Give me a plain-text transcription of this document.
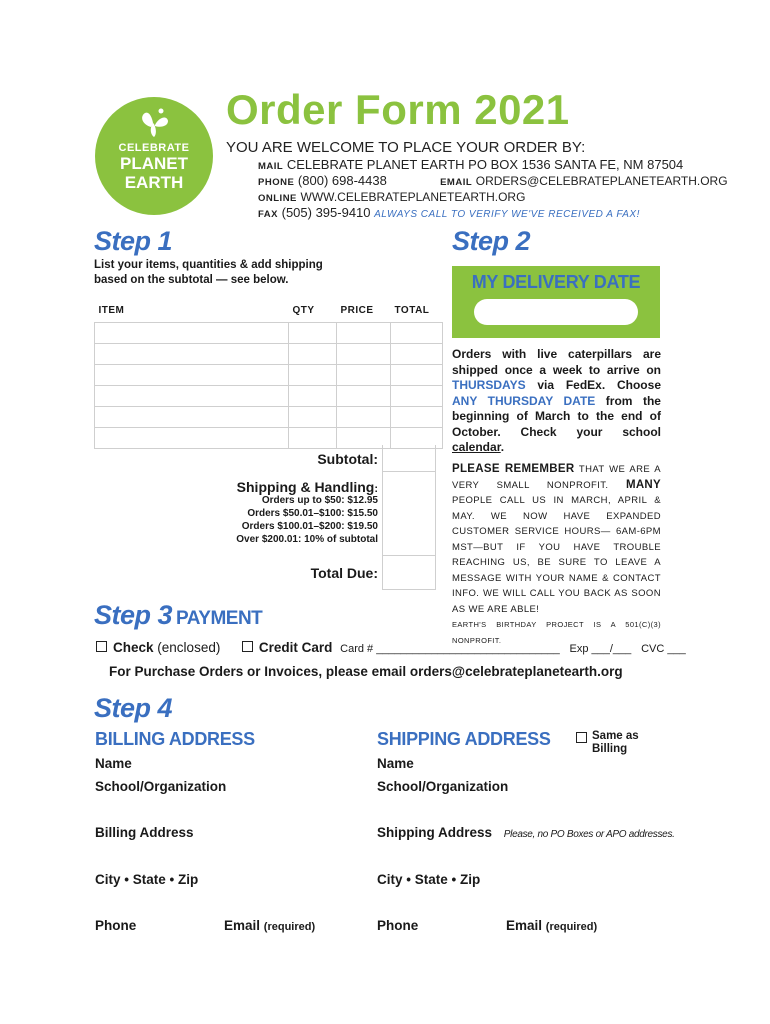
CELEBRATE
PLANET
EARTH
Order Form 2021
YOU ARE WELCOME TO PLACE YOUR ORDER BY:
MAIL CELEBRATE PLANET EARTH PO BOX 1536 SANTA FE, NM 87504
PHONE (800) 698-4438	EMAIL ORDERS@CELEBRATEPLANETEARTH.ORG
ONLINE WWW.CELEBRATEPLANETEARTH.ORG
FAX (505) 395-9410 ALWAYS CALL TO VERIFY WE'VE RECEIVED A FAX!
Step 1
List your items, quantities & add shipping based on the subtotal — see below.
ITEM	QTY	PRICE	TOTAL

Subtotal:
Shipping & Handling:
Orders up to $50: $12.95
Orders $50.01–$100: $15.50
Orders $100.01–$200: $19.50
Over $200.01: 10% of subtotal
Total Due:
Step 2
MY DELIVERY DATE
Orders with live caterpillars are shipped once a week to arrive on THURSDAYS via FedEx. Choose ANY THURSDAY DATE from the beginning of March to the end of October. Check your school calendar.
PLEASE REMEMBER THAT WE ARE A VERY SMALL NONPROFIT. MANY PEOPLE CALL US IN MARCH, APRIL & MAY. WE NOW HAVE EXPANDED CUSTOMER SERVICE HOURS— 6AM-6PM MST—BUT IF YOU HAVE TROUBLE REACHING US, BE SURE TO LEAVE A MESSAGE WITH YOUR NAME & CONTACT INFO. WE WILL CALL YOU BACK AS SOON AS WE ARE ABLE!
EARTH'S BIRTHDAY PROJECT IS A 501(C)(3) NONPROFIT.
Step 3 PAYMENT
Check (enclosed)	Credit Card Card # ______________________________ Exp ___/___ CVC ___
For Purchase Orders or Invoices, please email orders@celebrateplanetearth.org
Step 4
BILLING ADDRESS
Name
School/Organization
Billing Address
City • State • Zip
Phone	Email (required)
SHIPPING ADDRESS	Same as Billing
Name
School/Organization
Shipping Address Please, no PO Boxes or APO addresses.
City • State • Zip
Phone	Email (required)
